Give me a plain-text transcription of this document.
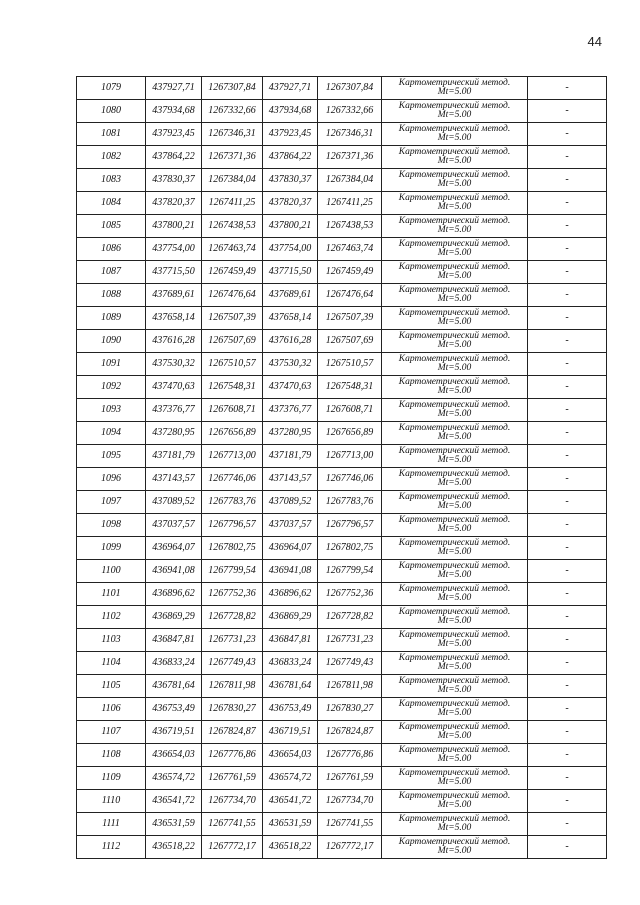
44
1079	437927,71	1267307,84	437927,71	1267307,84	Картометрический метод.
Mt=5.00	-
1080	437934,68	1267332,66	437934,68	1267332,66	Картометрический метод.
Mt=5.00	-
1081	437923,45	1267346,31	437923,45	1267346,31	Картометрический метод.
Mt=5.00	-
1082	437864,22	1267371,36	437864,22	1267371,36	Картометрический метод.
Mt=5.00	-
1083	437830,37	1267384,04	437830,37	1267384,04	Картометрический метод.
Mt=5.00	-
1084	437820,37	1267411,25	437820,37	1267411,25	Картометрический метод.
Mt=5.00	-
1085	437800,21	1267438,53	437800,21	1267438,53	Картометрический метод.
Mt=5.00	-
1086	437754,00	1267463,74	437754,00	1267463,74	Картометрический метод.
Mt=5.00	-
1087	437715,50	1267459,49	437715,50	1267459,49	Картометрический метод.
Mt=5.00	-
1088	437689,61	1267476,64	437689,61	1267476,64	Картометрический метод.
Mt=5.00	-
1089	437658,14	1267507,39	437658,14	1267507,39	Картометрический метод.
Mt=5.00	-
1090	437616,28	1267507,69	437616,28	1267507,69	Картометрический метод.
Mt=5.00	-
1091	437530,32	1267510,57	437530,32	1267510,57	Картометрический метод.
Mt=5.00	-
1092	437470,63	1267548,31	437470,63	1267548,31	Картометрический метод.
Mt=5.00	-
1093	437376,77	1267608,71	437376,77	1267608,71	Картометрический метод.
Mt=5.00	-
1094	437280,95	1267656,89	437280,95	1267656,89	Картометрический метод.
Mt=5.00	-
1095	437181,79	1267713,00	437181,79	1267713,00	Картометрический метод.
Mt=5.00	-
1096	437143,57	1267746,06	437143,57	1267746,06	Картометрический метод.
Mt=5.00	-
1097	437089,52	1267783,76	437089,52	1267783,76	Картометрический метод.
Mt=5.00	-
1098	437037,57	1267796,57	437037,57	1267796,57	Картометрический метод.
Mt=5.00	-
1099	436964,07	1267802,75	436964,07	1267802,75	Картометрический метод.
Mt=5.00	-
1100	436941,08	1267799,54	436941,08	1267799,54	Картометрический метод.
Mt=5.00	-
1101	436896,62	1267752,36	436896,62	1267752,36	Картометрический метод.
Mt=5.00	-
1102	436869,29	1267728,82	436869,29	1267728,82	Картометрический метод.
Mt=5.00	-
1103	436847,81	1267731,23	436847,81	1267731,23	Картометрический метод.
Mt=5.00	-
1104	436833,24	1267749,43	436833,24	1267749,43	Картометрический метод.
Mt=5.00	-
1105	436781,64	1267811,98	436781,64	1267811,98	Картометрический метод.
Mt=5.00	-
1106	436753,49	1267830,27	436753,49	1267830,27	Картометрический метод.
Mt=5.00	-
1107	436719,51	1267824,87	436719,51	1267824,87	Картометрический метод.
Mt=5.00	-
1108	436654,03	1267776,86	436654,03	1267776,86	Картометрический метод.
Mt=5.00	-
1109	436574,72	1267761,59	436574,72	1267761,59	Картометрический метод.
Mt=5.00	-
1110	436541,72	1267734,70	436541,72	1267734,70	Картометрический метод.
Mt=5.00	-
1111	436531,59	1267741,55	436531,59	1267741,55	Картометрический метод.
Mt=5.00	-
1112	436518,22	1267772,17	436518,22	1267772,17	Картометрический метод.
Mt=5.00	-
